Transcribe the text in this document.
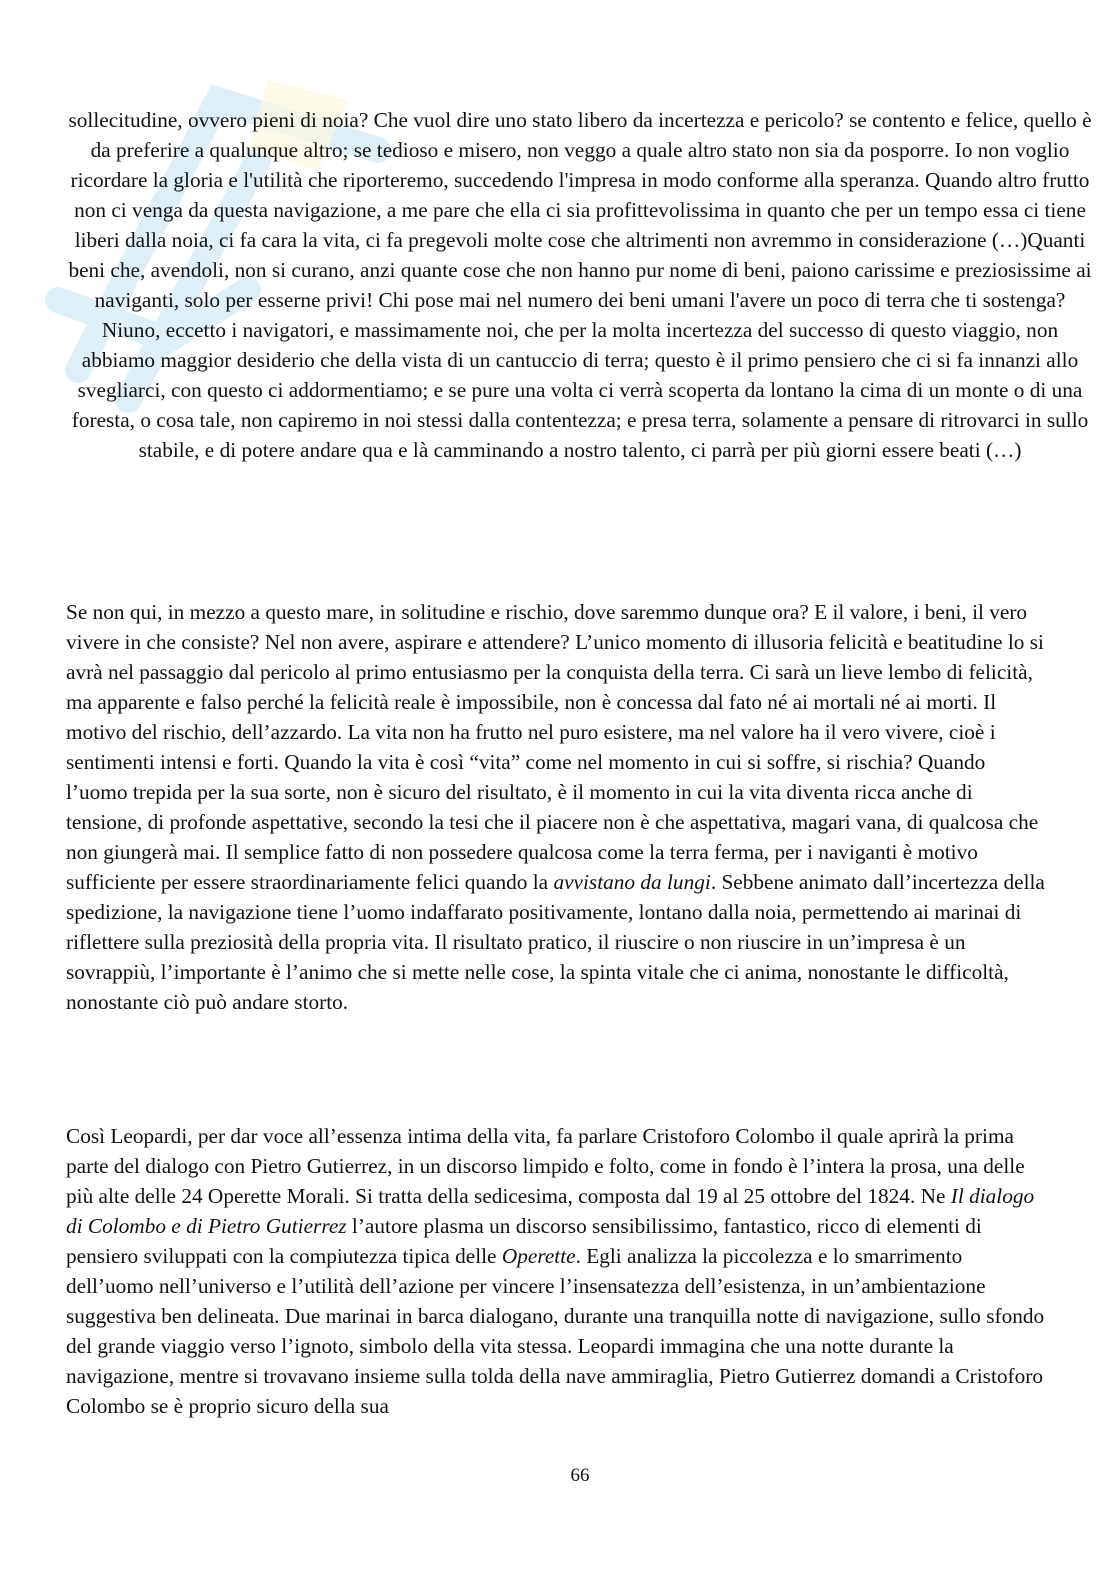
sollecitudine, ovvero pieni di noia? Che vuol dire uno stato libero da incertezza e pericolo? se contento e felice, quello è da preferire a qualunque altro; se tedioso e misero, non veggo a quale altro stato non sia da posporre. Io non voglio ricordare la gloria e l'utilità che riporteremo, succedendo l'impresa in modo conforme alla speranza. Quando altro frutto non ci venga da questa navigazione, a me pare che ella ci sia profittevolissima in quanto che per un tempo essa ci tiene liberi dalla noia, ci fa cara la vita, ci fa pregevoli molte cose che altrimenti non avremmo in considerazione (…)Quanti beni che, avendoli, non si curano, anzi quante cose che non hanno pur nome di beni, paiono carissime e preziosissime ai naviganti, solo per esserne privi! Chi pose mai nel numero dei beni umani l'avere un poco di terra che ti sostenga? Niuno, eccetto i navigatori, e massimamente noi, che per la molta incertezza del successo di questo viaggio, non abbiamo maggior desiderio che della vista di un cantuccio di terra; questo è il primo pensiero che ci si fa innanzi allo svegliarci, con questo ci addormentiamo; e se pure una volta ci verrà scoperta da lontano la cima di un monte o di una foresta, o cosa tale, non capiremo in noi stessi dalla contentezza; e presa terra, solamente a pensare di ritrovarci in sullo stabile, e di potere andare qua e là camminando a nostro talento, ci parrà per più giorni essere beati (…)

Se non qui, in mezzo a questo mare, in solitudine e rischio, dove saremmo dunque ora? E il valore, i beni, il vero vivere in che consiste? Nel non avere, aspirare e attendere? L’unico momento di illusoria felicità e beatitudine lo si avrà nel passaggio dal pericolo al primo entusiasmo per la conquista della terra. Ci sarà un lieve lembo di felicità, ma apparente e falso perché la felicità reale è impossibile, non è concessa dal fato né ai mortali né ai morti. Il motivo del rischio, dell’azzardo. La vita non ha frutto nel puro esistere, ma nel valore ha il vero vivere, cioè i sentimenti intensi e forti. Quando la vita è così “vita” come nel momento in cui si soffre, si rischia? Quando l’uomo trepida per la sua sorte, non è sicuro del risultato, è il momento in cui la vita diventa ricca anche di tensione, di profonde aspettative, secondo la tesi che il piacere non è che aspettativa, magari vana, di qualcosa che non giungerà mai. Il semplice fatto di non possedere qualcosa come la terra ferma, per i naviganti è motivo sufficiente per essere straordinariamente felici quando la avvistano da lungi. Sebbene animato dall’incertezza della spedizione, la navigazione tiene l’uomo indaffarato positivamente, lontano dalla noia, permettendo ai marinai di riflettere sulla preziosità della propria vita. Il risultato pratico, il riuscire o non riuscire in un’impresa è un sovrappiù, l’importante è l’animo che si mette nelle cose, la spinta vitale che ci anima, nonostante le difficoltà, nonostante ciò può andare storto.

Così Leopardi, per dar voce all’essenza intima della vita, fa parlare Cristoforo Colombo il quale aprirà la prima parte del dialogo con Pietro Gutierrez, in un discorso limpido e folto, come in fondo è l’intera la prosa, una delle più alte delle 24 Operette Morali. Si tratta della sedicesima, composta dal 19 al 25 ottobre del 1824. Ne Il dialogo di Colombo e di Pietro Gutierrez l’autore plasma un discorso sensibilissimo, fantastico, ricco di elementi di pensiero sviluppati con la compiutezza tipica delle Operette. Egli analizza la piccolezza e lo smarrimento dell’uomo nell’universo e l’utilità dell’azione per vincere l’insensatezza dell’esistenza, in un’ambientazione suggestiva ben delineata. Due marinai in barca dialogano, durante una tranquilla notte di navigazione, sullo sfondo del grande viaggio verso l’ignoto, simbolo della vita stessa. Leopardi immagina che una notte durante la navigazione, mentre si trovavano insieme sulla tolda della nave ammiraglia, Pietro Gutierrez domandi a Cristoforo Colombo se è proprio sicuro della sua

66
